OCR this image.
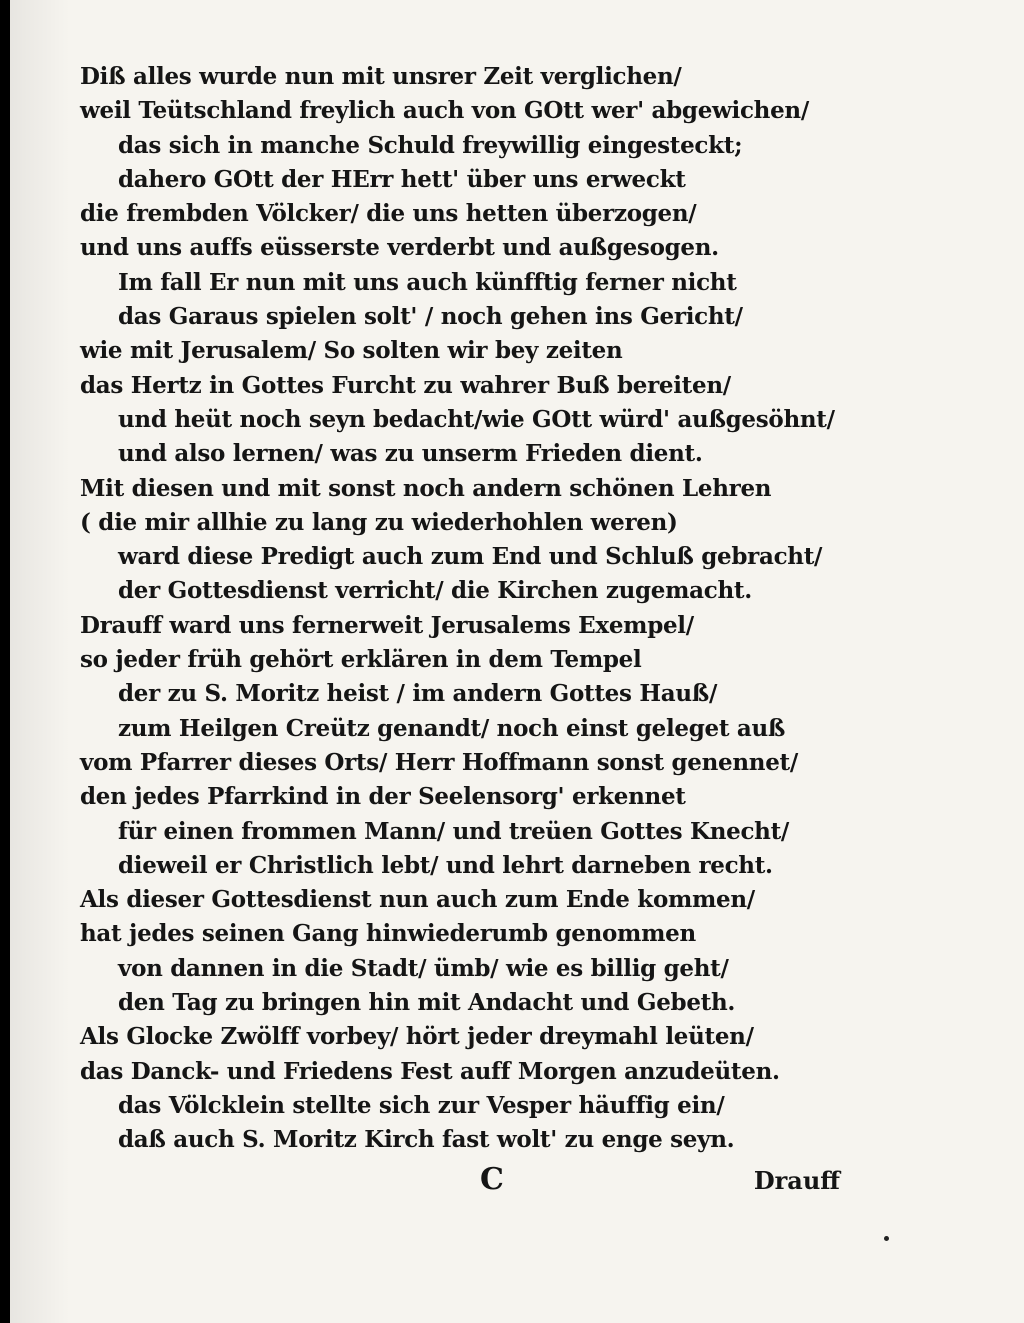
Diß alles wurde nun mit unsrer Zeit verglichen/
weil Teütschland freylich auch von GOtt wer' abgewichen/
das sich in manche Schuld freywillig eingesteckt;
dahero GOtt der HErr hett' über uns erweckt
die frembden Völcker/ die uns hetten überzogen/
und uns auffs eüsserste verderbt und außgesogen.
Im fall Er nun mit uns auch künfftig ferner nicht
das Garaus spielen solt' / noch gehen ins Gericht/
wie mit Jerusalem/ So solten wir bey zeiten
das Hertz in Gottes Furcht zu wahrer Buß bereiten/
und heüt noch seyn bedacht/wie GOtt würd' außgesöhnt/
und also lernen/ was zu unserm Frieden dient.
Mit diesen und mit sonst noch andern schönen Lehren
( die mir allhie zu lang zu wiederhohlen weren)
ward diese Predigt auch zum End und Schluß gebracht/
der Gottesdienst verricht/ die Kirchen zugemacht.
Drauff ward uns fernerweit Jerusalems Exempel/
so jeder früh gehört erklären in dem Tempel
der zu S. Moritz heist / im andern Gottes Hauß/
zum Heilgen Creütz genandt/ noch einst geleget auß
vom Pfarrer dieses Orts/ Herr Hoffmann sonst genennet/
den jedes Pfarrkind in der Seelensorg' erkennet
für einen frommen Mann/ und treüen Gottes Knecht/
dieweil er Christlich lebt/ und lehrt darneben recht.
Als dieser Gottesdienst nun auch zum Ende kommen/
hat jedes seinen Gang hinwiederumb genommen
von dannen in die Stadt/ ümb/ wie es billig geht/
den Tag zu bringen hin mit Andacht und Gebeth.
Als Glocke Zwölff vorbey/ hört jeder dreymahl leüten/
das Danck- und Friedens Fest auff Morgen anzudeüten.
das Völcklein stellte sich zur Vesper häuffig ein/
daß auch S. Moritz Kirch fast wolt' zu enge seyn.
C	Drauff
